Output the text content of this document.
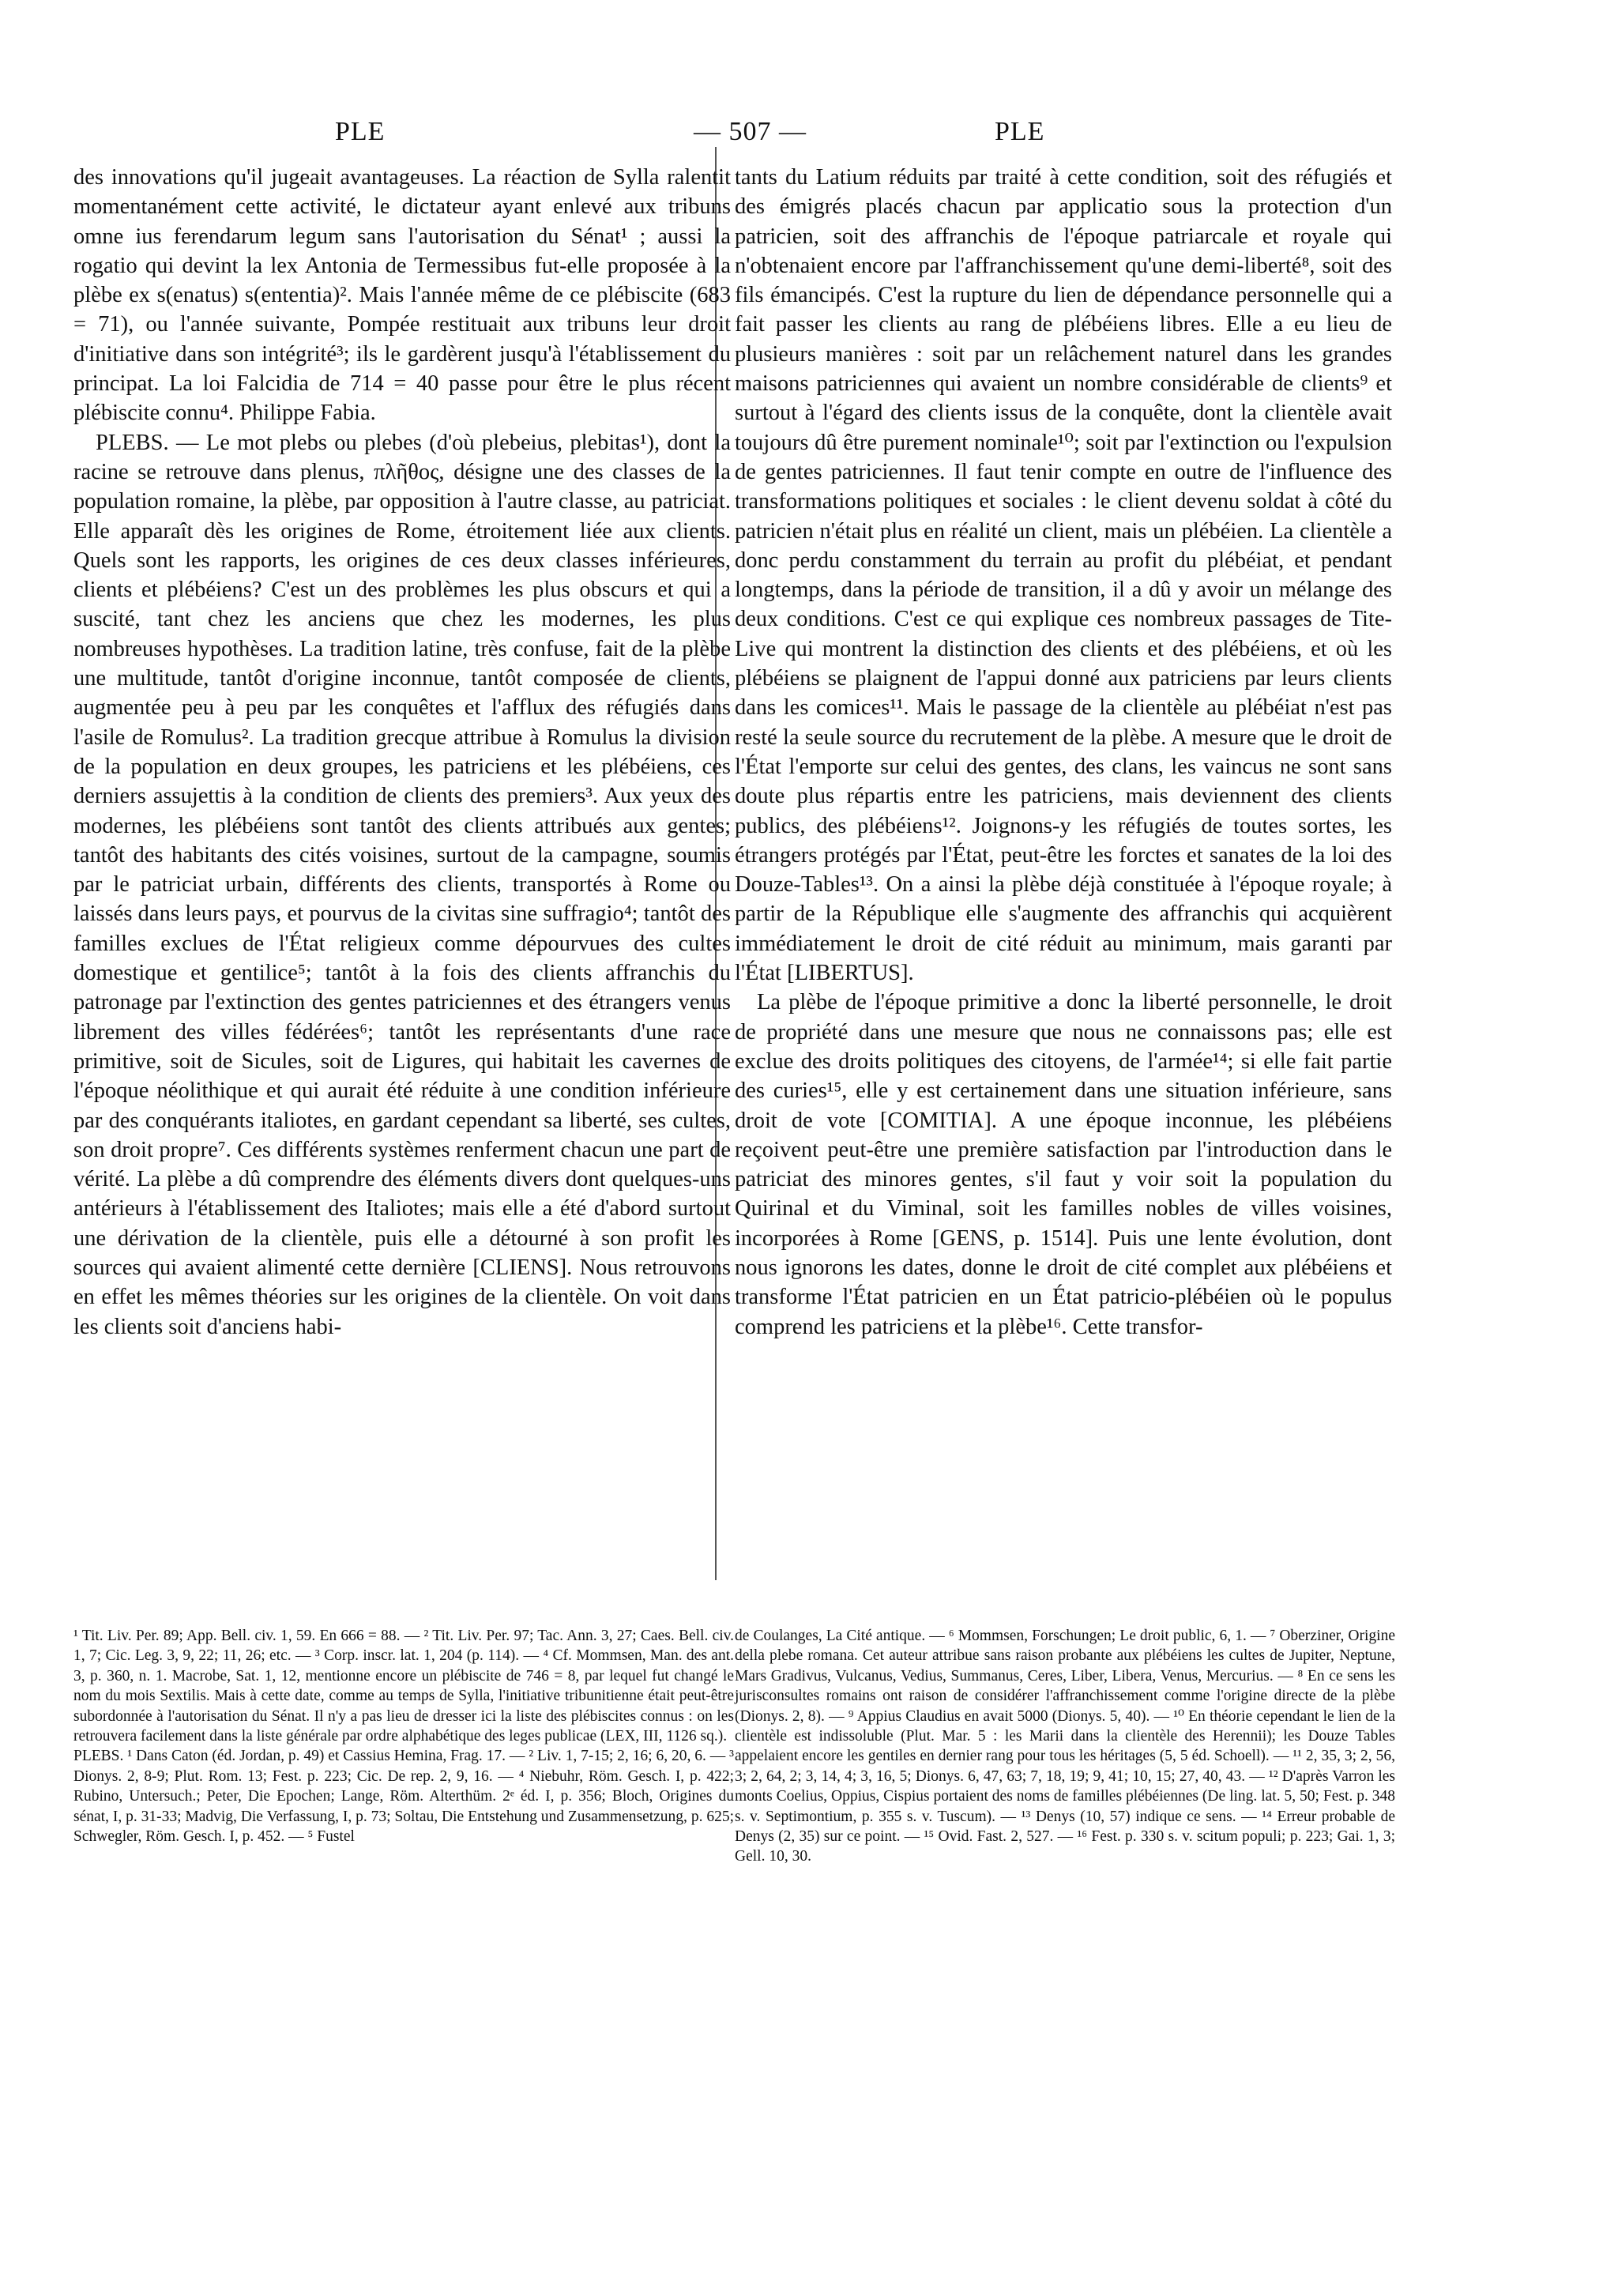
PLE	— 507 —	PLE

des innovations qu'il jugeait avantageuses. La réaction de Sylla ralentit momentanément cette activité, le dictateur ayant enlevé aux tribuns omne ius ferendarum legum sans l'autorisation du Sénat¹ ; aussi la rogatio qui devint la lex Antonia de Termessibus fut-elle proposée à la plèbe ex s(enatus) s(ententia)². Mais l'année même de ce plébiscite (683 = 71), ou l'année suivante, Pompée restituait aux tribuns leur droit d'initiative dans son intégrité³; ils le gardèrent jusqu'à l'établissement du principat. La loi Falcidia de 714 = 40 passe pour être le plus récent plébiscite connu⁴. Philippe Fabia.

PLEBS. — Le mot plebs ou plebes (d'où plebeius, plebitas¹), dont la racine se retrouve dans plenus, πλῆθος, désigne une des classes de la population romaine, la plèbe, par opposition à l'autre classe, au patriciat. Elle apparaît dès les origines de Rome, étroitement liée aux clients. Quels sont les rapports, les origines de ces deux classes inférieures, clients et plébéiens? C'est un des problèmes les plus obscurs et qui a suscité, tant chez les anciens que chez les modernes, les plus nombreuses hypothèses. La tradition latine, très confuse, fait de la plèbe une multitude, tantôt d'origine inconnue, tantôt composée de clients, augmentée peu à peu par les conquêtes et l'afflux des réfugiés dans l'asile de Romulus². La tradition grecque attribue à Romulus la division de la population en deux groupes, les patriciens et les plébéiens, ces derniers assujettis à la condition de clients des premiers³. Aux yeux des modernes, les plébéiens sont tantôt des clients attribués aux gentes; tantôt des habitants des cités voisines, surtout de la campagne, soumis par le patriciat urbain, différents des clients, transportés à Rome ou laissés dans leurs pays, et pourvus de la civitas sine suffragio⁴; tantôt des familles exclues de l'État religieux comme dépourvues des cultes domestique et gentilice⁵; tantôt à la fois des clients affranchis du patronage par l'extinction des gentes patriciennes et des étrangers venus librement des villes fédérées⁶; tantôt les représentants d'une race primitive, soit de Sicules, soit de Ligures, qui habitait les cavernes de l'époque néolithique et qui aurait été réduite à une condition inférieure par des conquérants italiotes, en gardant cependant sa liberté, ses cultes, son droit propre⁷. Ces différents systèmes renferment chacun une part de vérité. La plèbe a dû comprendre des éléments divers dont quelques-uns antérieurs à l'établissement des Italiotes; mais elle a été d'abord surtout une dérivation de la clientèle, puis elle a détourné à son profit les sources qui avaient alimenté cette dernière [CLIENS]. Nous retrouvons en effet les mêmes théories sur les origines de la clientèle. On voit dans les clients soit d'anciens habi-

tants du Latium réduits par traité à cette condition, soit des réfugiés et des émigrés placés chacun par applicatio sous la protection d'un patricien, soit des affranchis de l'époque patriarcale et royale qui n'obtenaient encore par l'affranchissement qu'une demi-liberté⁸, soit des fils émancipés. C'est la rupture du lien de dépendance personnelle qui a fait passer les clients au rang de plébéiens libres. Elle a eu lieu de plusieurs manières : soit par un relâchement naturel dans les grandes maisons patriciennes qui avaient un nombre considérable de clients⁹ et surtout à l'égard des clients issus de la conquête, dont la clientèle avait toujours dû être purement nominale¹⁰; soit par l'extinction ou l'expulsion de gentes patriciennes. Il faut tenir compte en outre de l'influence des transformations politiques et sociales : le client devenu soldat à côté du patricien n'était plus en réalité un client, mais un plébéien. La clientèle a donc perdu constamment du terrain au profit du plébéiat, et pendant longtemps, dans la période de transition, il a dû y avoir un mélange des deux conditions. C'est ce qui explique ces nombreux passages de Tite-Live qui montrent la distinction des clients et des plébéiens, et où les plébéiens se plaignent de l'appui donné aux patriciens par leurs clients dans les comices¹¹. Mais le passage de la clientèle au plébéiat n'est pas resté la seule source du recrutement de la plèbe. A mesure que le droit de l'État l'emporte sur celui des gentes, des clans, les vaincus ne sont sans doute plus répartis entre les patriciens, mais deviennent des clients publics, des plébéiens¹². Joignons-y les réfugiés de toutes sortes, les étrangers protégés par l'État, peut-être les forctes et sanates de la loi des Douze-Tables¹³. On a ainsi la plèbe déjà constituée à l'époque royale; à partir de la République elle s'augmente des affranchis qui acquièrent immédiatement le droit de cité réduit au minimum, mais garanti par l'État [LIBERTUS].

La plèbe de l'époque primitive a donc la liberté personnelle, le droit de propriété dans une mesure que nous ne connaissons pas; elle est exclue des droits politiques des citoyens, de l'armée¹⁴; si elle fait partie des curies¹⁵, elle y est certainement dans une situation inférieure, sans droit de vote [COMITIA]. A une époque inconnue, les plébéiens reçoivent peut-être une première satisfaction par l'introduction dans le patriciat des minores gentes, s'il faut y voir soit la population du Quirinal et du Viminal, soit les familles nobles de villes voisines, incorporées à Rome [GENS, p. 1514]. Puis une lente évolution, dont nous ignorons les dates, donne le droit de cité complet aux plébéiens et transforme l'État patricien en un État patricio-plébéien où le populus comprend les patriciens et la plèbe¹⁶. Cette transfor-

¹ Tit. Liv. Per. 89; App. Bell. civ. 1, 59. En 666 = 88. — ² Tit. Liv. Per. 97; Tac. Ann. 3, 27; Caes. Bell. civ. 1, 7; Cic. Leg. 3, 9, 22; 11, 26; etc. — ³ Corp. inscr. lat. 1, 204 (p. 114). — ⁴ Cf. Mommsen, Man. des ant. 3, p. 360, n. 1. Macrobe, Sat. 1, 12, mentionne encore un plébiscite de 746 = 8, par lequel fut changé le nom du mois Sextilis. Mais à cette date, comme au temps de Sylla, l'initiative tribunitienne était peut-être subordonnée à l'autorisation du Sénat. Il n'y a pas lieu de dresser ici la liste des plébiscites connus : on les retrouvera facilement dans la liste générale par ordre alphabétique des leges publicae (LEX, III, 1126 sq.).

PLEBS. ¹ Dans Caton (éd. Jordan, p. 49) et Cassius Hemina, Frag. 17. — ² Liv. 1, 7-15; 2, 16; 6, 20, 6. — ³ Dionys. 2, 8-9; Plut. Rom. 13; Fest. p. 223; Cic. De rep. 2, 9, 16. — ⁴ Niebuhr, Röm. Gesch. I, p. 422; Rubino, Untersuch.; Peter, Die Epochen; Lange, Röm. Alterthüm. 2ᵉ éd. I, p. 356; Bloch, Origines du sénat, I, p. 31-33; Madvig, Die Verfassung, I, p. 73; Soltau, Die Entstehung und Zusammensetzung, p. 625; Schwegler, Röm. Gesch. I, p. 452. — ⁵ Fustel

de Coulanges, La Cité antique. — ⁶ Mommsen, Forschungen; Le droit public, 6, 1. — ⁷ Oberziner, Origine della plebe romana. Cet auteur attribue sans raison probante aux plébéiens les cultes de Jupiter, Neptune, Mars Gradivus, Vulcanus, Vedius, Summanus, Ceres, Liber, Libera, Venus, Mercurius. — ⁸ En ce sens les jurisconsultes romains ont raison de considérer l'affranchissement comme l'origine directe de la plèbe (Dionys. 2, 8). — ⁹ Appius Claudius en avait 5000 (Dionys. 5, 40). — ¹⁰ En théorie cependant le lien de la clientèle est indissoluble (Plut. Mar. 5 : les Marii dans la clientèle des Herennii); les Douze Tables appelaient encore les gentiles en dernier rang pour tous les héritages (5, 5 éd. Schoell). — ¹¹ 2, 35, 3; 2, 56, 3; 2, 64, 2; 3, 14, 4; 3, 16, 5; Dionys. 6, 47, 63; 7, 18, 19; 9, 41; 10, 15; 27, 40, 43. — ¹² D'après Varron les monts Coelius, Oppius, Cispius portaient des noms de familles plébéiennes (De ling. lat. 5, 50; Fest. p. 348 s. v. Septimontium, p. 355 s. v. Tuscum). — ¹³ Denys (10, 57) indique ce sens. — ¹⁴ Erreur probable de Denys (2, 35) sur ce point. — ¹⁵ Ovid. Fast. 2, 527. — ¹⁶ Fest. p. 330 s. v. scitum populi; p. 223; Gai. 1, 3; Gell. 10, 30.
